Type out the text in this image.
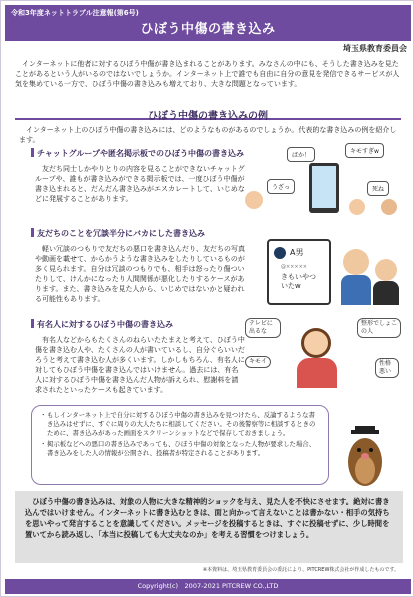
令和3年度ネットトラブル注意報(第6号)
ひぼう中傷の書き込み
埼玉県教育委員会

インターネットに他者に対するひぼう中傷が書き込まれることがあります。みなさんの中にも、そうした書き込みを見たことがあるという人がいるのではないでしょうか。インターネット上で誰でも自由に自分の意見を発信できるサービスが人気を集めている一方で、ひぼう中傷の書き込みも増えており、大きな問題となっています。

ひぼう中傷の書き込みの例

インターネット上のひぼう中傷の書き込みには、どのようなものがあるのでしょうか。代表的な書き込みの例を紹介します。

チャットグループや匿名掲示板でのひぼう中傷の書き込み

友だち同士しかやりとりの内容を見ることができないチャットグループや、誰もが書き込みができる掲示板では、一度ひぼう中傷が書き込まれると、だんだん書き込みがエスカレートして、いじめなどに発展することがあります。

ばか！
キモすぎw
うざっ	死ね
友だちのことを冗談半分にバカにした書き込み

軽い冗談のつもりで友だちの悪口を書き込んだり、友だちの写真や動画を載せて、からかうような書き込みをしたりしているものが多く見られます。自分は冗談のつもりでも、相手は怒ったり傷ついたりして、けんかになったり人間関係が悪化したりするケースがあります。また、書き込みを見た人から、いじめではないかと疑われる可能性もあります。

A男
@×××××
きもいやつ
いたw
有名人に対するひぼう中傷の書き込み

有名人などからもたくさんのねらいたたまえと考えて、ひぼう中傷を書き込む人や、たくさんの人が書いているし、自分ぐらいいだろうと考えて書き込む人が多くいます。しかしもちろん、有名人に対してもひぼう中傷を書き込んではいけません。過去には、有名人に対するひぼう中傷を書き込んだ人物が訴えられ、慰謝料を請求されたといったケースも起きています。

テレビに出るな
整形でしょこの人
キモイ	性格悪い
・ もしインターネット上で自分に対するひぼう中傷の書き込みを見つけたら、反論するような書き込みはせずに、すぐに周りの大人たちに相談してください。その後警察等に相談するときのために、書き込みがあった画面をスクリーンショットなどで保存しておきましょう。
・ 掲示板などへの悪口の書き込みであっても、ひぼう中傷の対象となった人物が要求した場合、書き込みをした人の情報が公開され、投稿者が特定されることがあります。

ひぼう中傷の書き込みは、対象の人物に大きな精神的ショックを与え、見た人を不快にさせます。絶対に書き込んではいけません。インターネットに書き込むときは、面と向かって言えないことは書かない・相手の気持ちを思いやって発言することを意識してください。メッセージを投稿するときは、すぐに投稿せずに、少し時間を置いてから読み返し、「本当に投稿しても大丈夫なのか」を考える習慣をつけましょう。

※本資料は、埼玉県教育委員会の委託により、PITCREW株式会社が作成したものです。
Copyright(c)　2007-2021 PITCREW CO.,LTD
